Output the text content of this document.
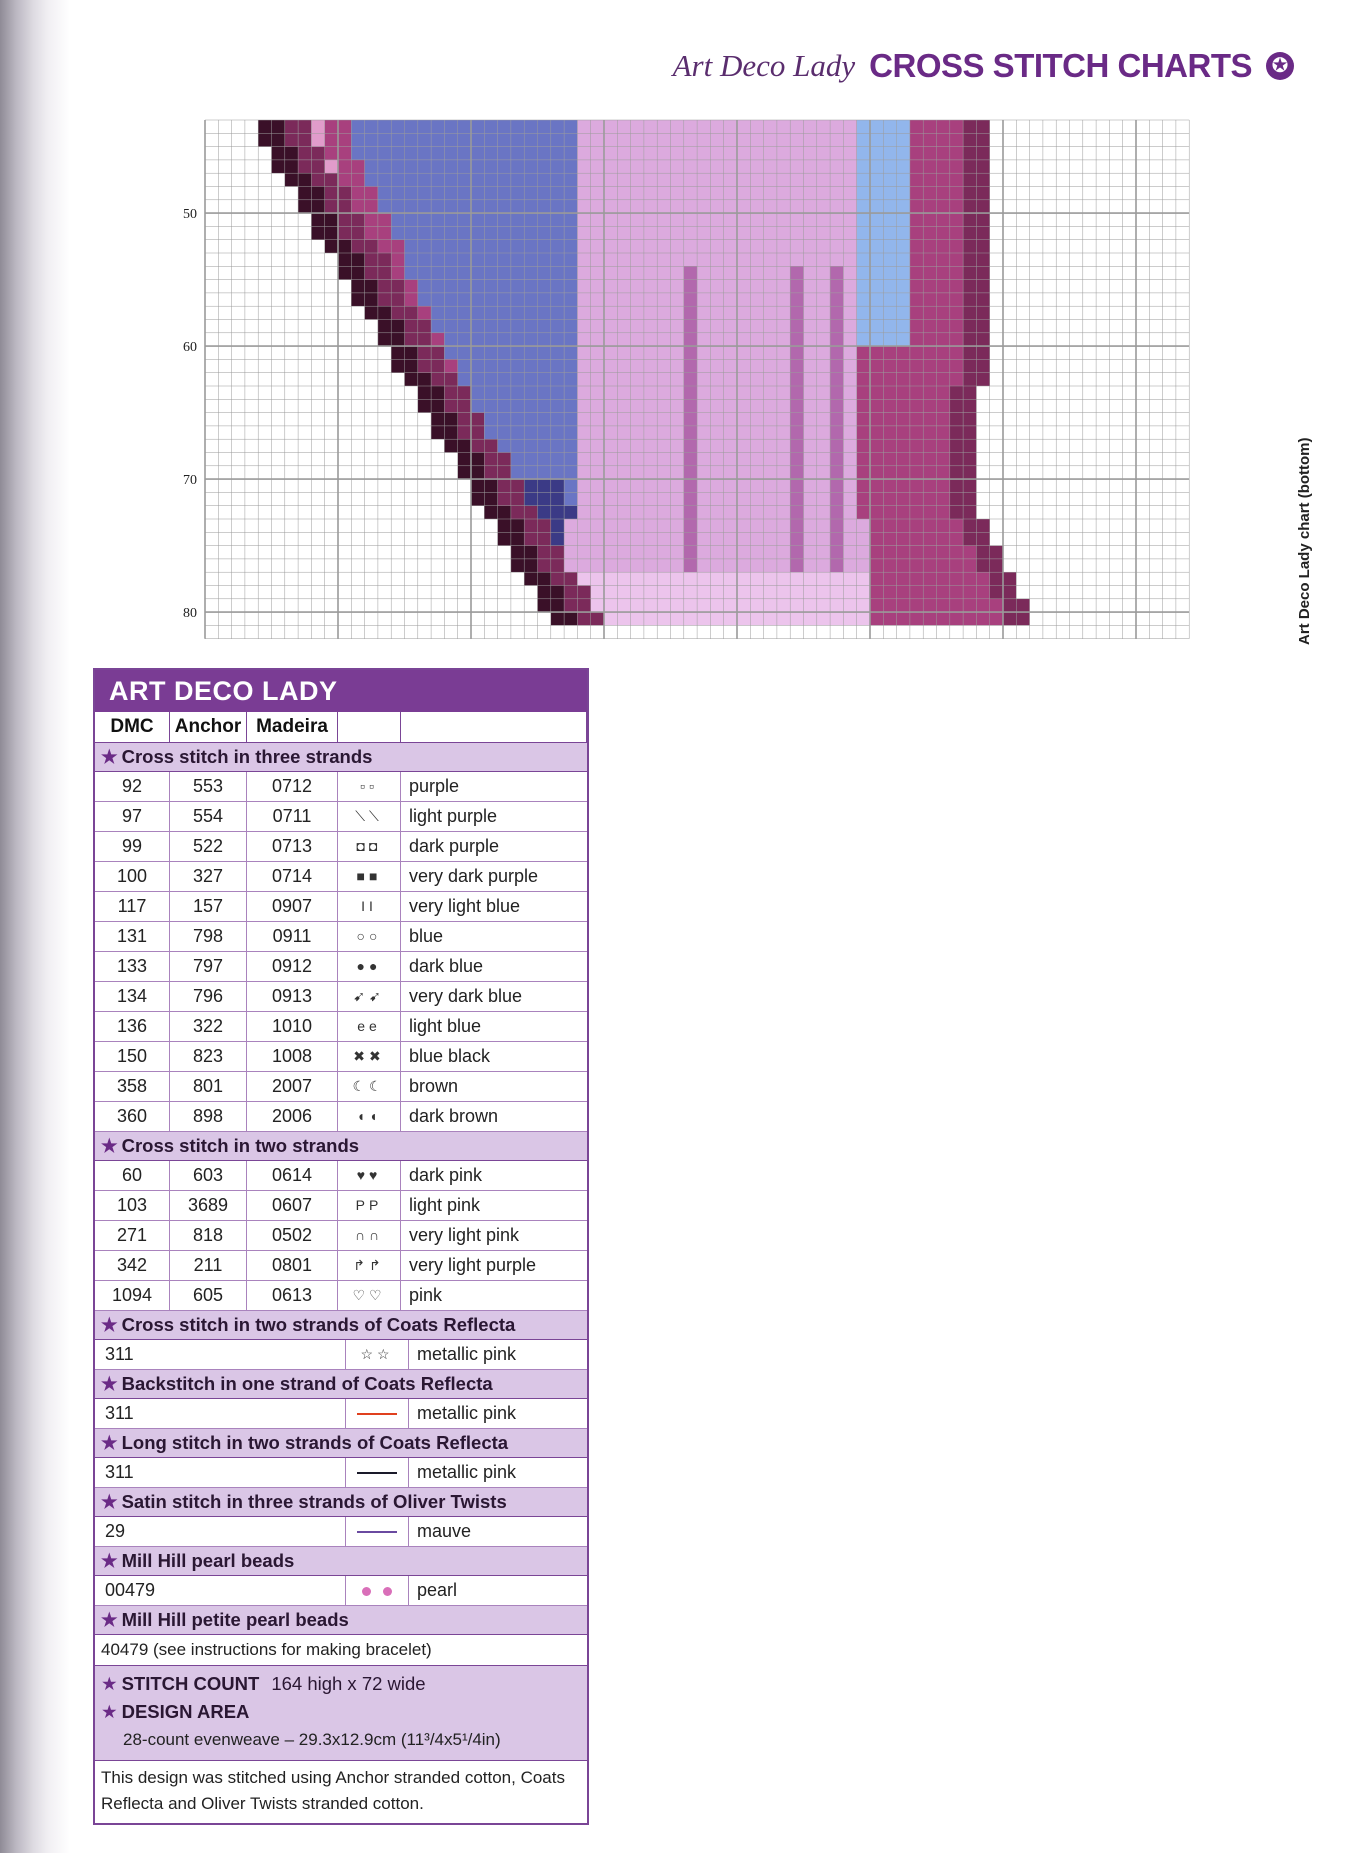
Art Deco Lady CROSS STITCH CHARTS ✪
Art Deco Lady chart (bottom)
50
60
70
80
ART DECO LADY
DMC	Anchor Madeira
★ Cross stitch in three strands
92	553	0712	▫▫	purple
97	554	0711	⟍⟍	light purple
99	522	0713	◘◘	dark purple
100	327	0714	■■	very dark purple
117	157	0907	II	very light blue
131	798	0911	○○	blue
133	797	0912	●●	dark blue
134	796	0913	➹➹	very dark blue
136	322	1010	ee	light blue
150	823	1008	✖✖	blue black
358	801	2007	☾☾	brown
360	898	2006	◖◖	dark brown
★ Cross stitch in two strands
60	603	0614	♥♥	dark pink
103	3689	0607	PP	light pink
271	818	0502	∩∩	very light pink
342	211	0801	↱↱	very light purple
1094	605	0613	♡♡	pink
★ Cross stitch in two strands of Coats Reflecta
311	☆☆	metallic pink
★ Backstitch in one strand of Coats Reflecta
311	metallic pink
★ Long stitch in two strands of Coats Reflecta
311	metallic pink
★ Satin stitch in three strands of Oliver Twists
29	mauve
★ Mill Hill pearl beads
00479	pearl
★ Mill Hill petite pearl beads
40479 (see instructions for making bracelet)
★ STITCH COUNT 164 high x 72 wide
★ DESIGN AREA
28-count evenweave – 29.3x12.9cm (11³/4x5¹/4in)
This design was stitched using Anchor stranded cotton, Coats Reflecta and Oliver Twists stranded cotton.
